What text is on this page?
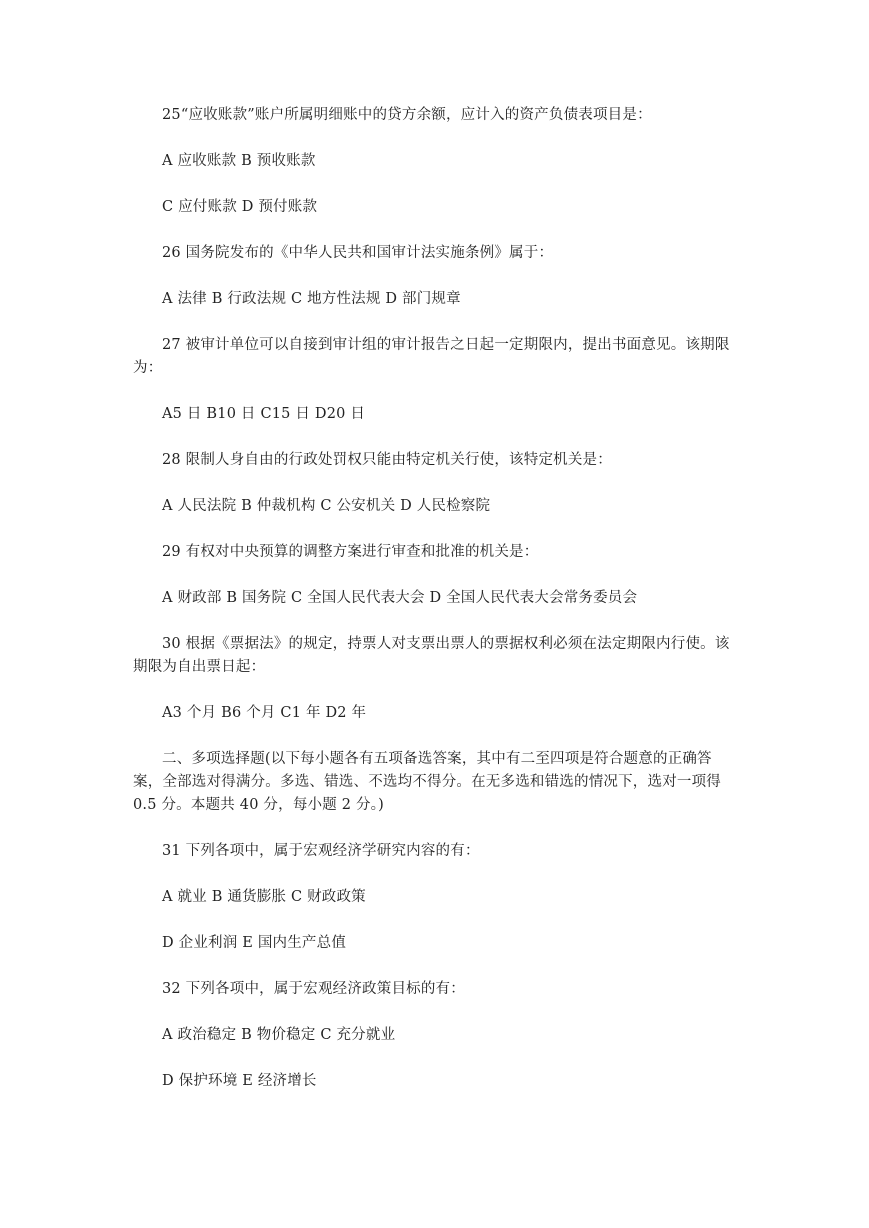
25“应收账款”账户所属明细账中的贷方余额，应计入的资产负债表项目是：

A 应收账款 B 预收账款

C 应付账款 D 预付账款

26 国务院发布的《中华人民共和国审计法实施条例》属于：

A 法律 B 行政法规 C 地方性法规 D 部门规章

27 被审计单位可以自接到审计组的审计报告之日起一定期限内，提出书面意见。该期限为：

A5 日 B10 日 C15 日 D20 日

28 限制人身自由的行政处罚权只能由特定机关行使，该特定机关是：

A 人民法院 B 仲裁机构 C 公安机关 D 人民检察院

29 有权对中央预算的调整方案进行审查和批准的机关是：

A 财政部 B 国务院 C 全国人民代表大会 D 全国人民代表大会常务委员会

30 根据《票据法》的规定，持票人对支票出票人的票据权利必须在法定期限内行使。该期限为自出票日起：

A3 个月 B6 个月 C1 年 D2 年

二、多项选择题(以下每小题各有五项备选答案，其中有二至四项是符合题意的正确答案，全部选对得满分。多选、错选、不选均不得分。在无多选和错选的情况下，选对一项得 0.5 分。本题共 40 分，每小题 2 分。)

31 下列各项中，属于宏观经济学研究内容的有：

A 就业 B 通货膨胀 C 财政政策

D 企业利润 E 国内生产总值

32 下列各项中，属于宏观经济政策目标的有：

A 政治稳定 B 物价稳定 C 充分就业

D 保护环境 E 经济增长
